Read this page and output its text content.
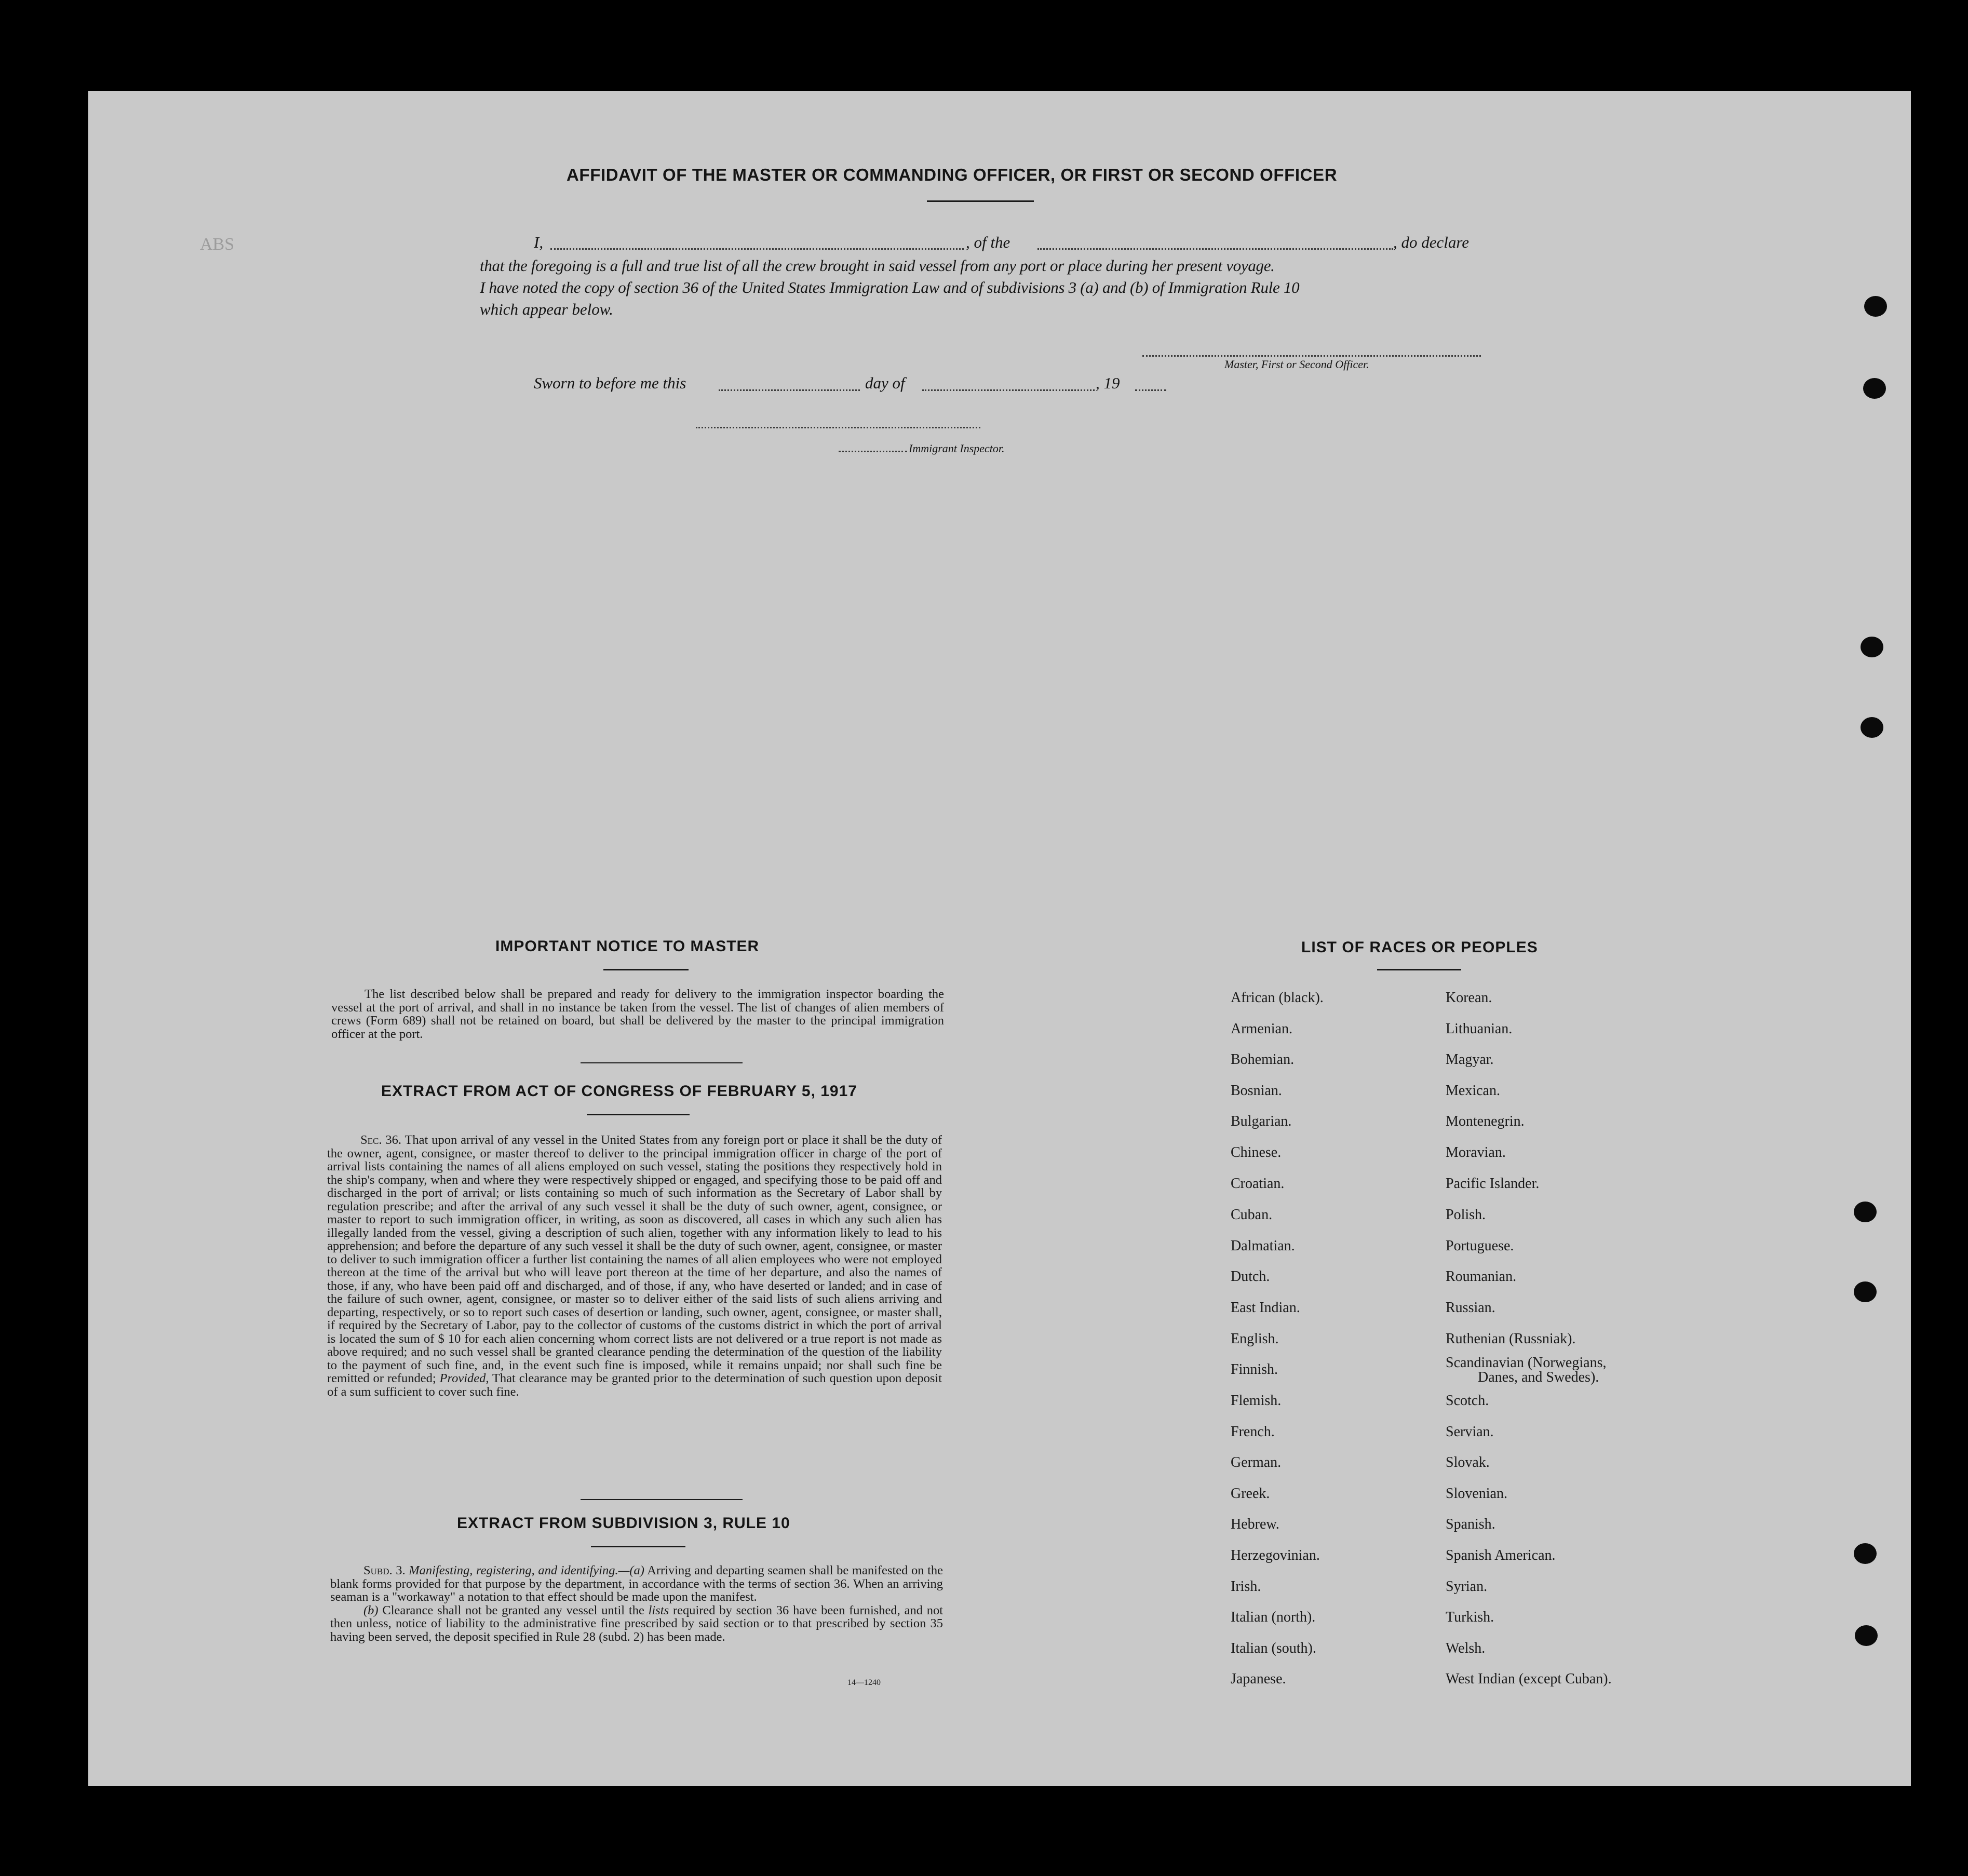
ABS
AFFIDAVIT OF THE MASTER OR COMMANDING OFFICER, OR FIRST OR SECOND OFFICER
I,	, of the	, do declare
that the foregoing is a full and true list of all the crew brought in said vessel from any port or place during her present voyage.
I have noted the copy of section 36 of the United States Immigration Law and of subdivisions 3 (a) and (b) of Immigration Rule 10
which appear below.
Master, First or Second Officer.
Sworn to before me this	day of	, 19
Immigrant Inspector.
IMPORTANT NOTICE TO MASTER

The list described below shall be prepared and ready for delivery to the immigration inspector boarding the vessel at the port of arrival, and shall in no instance be taken from the vessel. The list of changes of alien members of crews (Form 689) shall not be retained on board, but shall be delivered by the master to the principal immigration officer at the port.

EXTRACT FROM ACT OF CONGRESS OF FEBRUARY 5, 1917

Sec. 36. That upon arrival of any vessel in the United States from any foreign port or place it shall be the duty of the owner, agent, consignee, or master thereof to deliver to the principal immigration officer in charge of the port of arrival lists containing the names of all aliens employed on such vessel, stating the positions they respectively hold in the ship's company, when and where they were respectively shipped or engaged, and specifying those to be paid off and discharged in the port of arrival; or lists containing so much of such information as the Secretary of Labor shall by regulation prescribe; and after the arrival of any such vessel it shall be the duty of such owner, agent, consignee, or master to report to such immigration officer, in writing, as soon as discovered, all cases in which any such alien has illegally landed from the vessel, giving a description of such alien, together with any information likely to lead to his apprehension; and before the departure of any such vessel it shall be the duty of such owner, agent, consignee, or master to deliver to such immigration officer a further list containing the names of all alien employees who were not employed thereon at the time of the arrival but who will leave port thereon at the time of her departure, and also the names of those, if any, who have been paid off and discharged, and of those, if any, who have deserted or landed; and in case of the failure of such owner, agent, consignee, or master so to deliver either of the said lists of such aliens arriving and departing, respectively, or so to report such cases of desertion or landing, such owner, agent, consignee, or master shall, if required by the Secretary of Labor, pay to the collector of customs of the customs district in which the port of arrival is located the sum of $ 10 for each alien concerning whom correct lists are not delivered or a true report is not made as above required; and no such vessel shall be granted clearance pending the determination of the question of the liability to the payment of such fine, and, in the event such fine is imposed, while it remains unpaid; nor shall such fine be remitted or refunded; Provided, That clearance may be granted prior to the determination of such question upon deposit of a sum sufficient to cover such fine.

EXTRACT FROM SUBDIVISION 3, RULE 10

Subd. 3. Manifesting, registering, and identifying.—(a) Arriving and departing seamen shall be manifested on the blank forms provided for that purpose by the department, in accordance with the terms of section 36. When an arriving seaman is a "workaway" a notation to that effect should be made upon the manifest.

(b) Clearance shall not be granted any vessel until the lists required by section 36 have been furnished, and not then unless, notice of liability to the administrative fine prescribed by said section or to that prescribed by section 35 having been served, the deposit specified in Rule 28 (subd. 2) has been made.

14—1240
LIST OF RACES OR PEOPLES
African (black).
Armenian.
Bohemian.
Bosnian.
Bulgarian.
Chinese.
Croatian.
Cuban.
Dalmatian.
Dutch.
East Indian.
English.
Finnish.
Flemish.
French.
German.
Greek.
Hebrew.
Herzegovinian.
Irish.
Italian (north).
Italian (south).
Japanese.
Korean.
Lithuanian.
Magyar.
Mexican.
Montenegrin.
Moravian.
Pacific Islander.
Polish.
Portuguese.
Roumanian.
Russian.
Ruthenian (Russniak).
Scandinavian (Norwegians,
Danes, and Swedes).
Scotch.
Servian.
Slovak.
Slovenian.
Spanish.
Spanish American.
Syrian.
Turkish.
Welsh.
West Indian (except Cuban).
